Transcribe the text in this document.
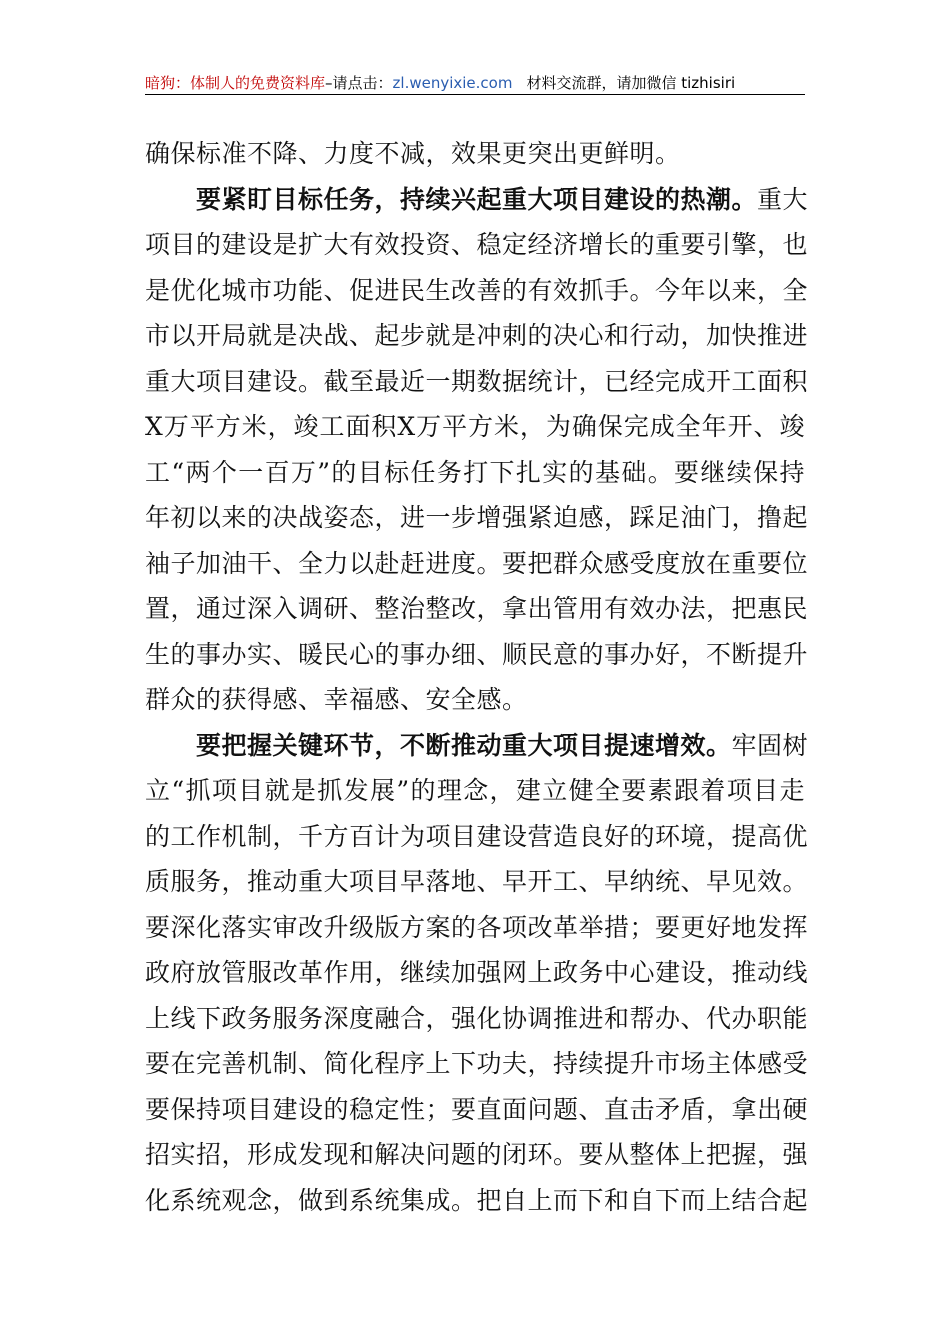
暗狗：体制人的免费资料库 –请点击： zl.wenyixie.com 材料交流群，请加微信 tizhisiri
确保标准不降、力度不减，效果更突出更鲜明。
要紧盯目标任务，持续兴起重大项目建设的热潮。重大
项目的建设是扩大有效投资、稳定经济增长的重要引擎，也
是优化城市功能、促进民生改善的有效抓手。今年以来，全
市以开局就是决战、起步就是冲刺的决心和行动，加快推进
重大项目建设。截至最近一期数据统计，已经完成开工面积
X万平方米，竣工面积X万平方米，为确保完成全年开、竣
工“两个一百万”的目标任务打下扎实的基础。要继续保持
年初以来的决战姿态，进一步增强紧迫感，踩足油门，撸起
袖子加油干、全力以赴赶进度。要把群众感受度放在重要位
置，通过深入调研、整治整改，拿出管用有效办法，把惠民
生的事办实、暖民心的事办细、顺民意的事办好，不断提升
群众的获得感、幸福感、安全感。
要把握关键环节，不断推动重大项目提速增效。牢固树
立“抓项目就是抓发展”的理念，建立健全要素跟着项目走
的工作机制，千方百计为项目建设营造良好的环境，提高优
质服务，推动重大项目早落地、早开工、早纳统、早见效。
要深化落实审改升级版方案的各项改革举措；要更好地发挥
政府放管服改革作用，继续加强网上政务中心建设，推动线
上线下政务服务深度融合，强化协调推进和帮办、代办职能
要在完善机制、简化程序上下功夫，持续提升市场主体感受
要保持项目建设的稳定性；要直面问题、直击矛盾，拿出硬
招实招，形成发现和解决问题的闭环。要从整体上把握，强
化系统观念，做到系统集成。把自上而下和自下而上结合起
